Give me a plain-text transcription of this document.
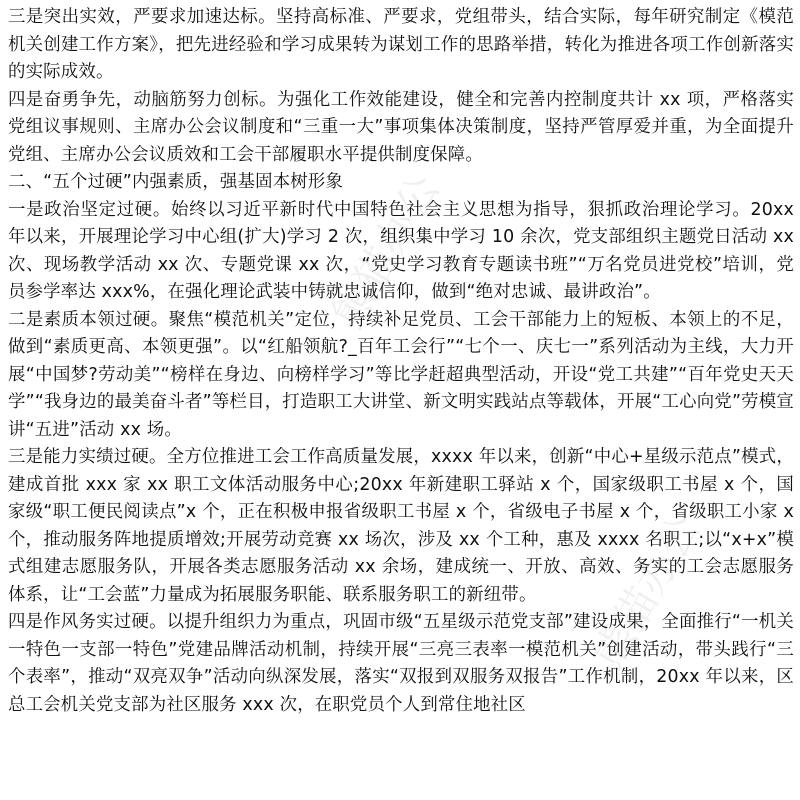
熊猫办公
熊猫办公

三是突出实效，严要求加速达标。坚持高标准、严要求，党组带头，结合实际，每年研究制定《模范机关创建工作方案》，把先进经验和学习成果转为谋划工作的思路举措，转化为推进各项工作创新落实的实际成效。

四是奋勇争先，动脑筋努力创标。为强化工作效能建设，健全和完善内控制度共计 xx 项，严格落实党组议事规则、主席办公会议制度和“三重一大”事项集体决策制度，坚持严管厚爱并重，为全面提升党组、主席办公会议质效和工会干部履职水平提供制度保障。

二、“五个过硬”内强素质，强基固本树形象

一是政治坚定过硬。始终以习近平新时代中国特色社会主义思想为指导，狠抓政治理论学习。20xx 年以来，开展理论学习中心组(扩大)学习 2 次，组织集中学习 10 余次，党支部组织主题党日活动 xx 次、现场教学活动 xx 次、专题党课 xx 次，“党史学习教育专题读书班”“万名党员进党校”培训，党员参学率达 xxx%，在强化理论武装中铸就忠诚信仰，做到“绝对忠诚、最讲政治”。

二是素质本领过硬。聚焦“模范机关”定位，持续补足党员、工会干部能力上的短板、本领上的不足，做到“素质更高、本领更强”。以“红船领航?_百年工会行”“七个一、庆七一”系列活动为主线，大力开展“中国梦?劳动美”“榜样在身边、向榜样学习”等比学赶超典型活动，开设“党工共建”“百年党史天天学”“我身边的最美奋斗者”等栏目，打造职工大讲堂、新文明实践站点等载体，开展“工心向党”劳模宣讲“五进”活动 xx 场。

三是能力实绩过硬。全方位推进工会工作高质量发展，xxxx 年以来，创新“中心+星级示范点”模式，建成首批 xxx 家 xx 职工文体活动服务中心;20xx 年新建职工驿站 x 个，国家级职工书屋 x 个，国家级“职工便民阅读点”x 个，正在积极申报省级职工书屋 x 个，省级电子书屋 x 个，省级职工小家 x 个，推动服务阵地提质增效;开展劳动竞赛 xx 场次，涉及 xx 个工种，惠及 xxxx 名职工;以“x+x”模式组建志愿服务队，开展各类志愿服务活动 xx 余场，建成统一、开放、高效、务实的工会志愿服务体系，让“工会蓝”力量成为拓展服务职能、联系服务职工的新纽带。

四是作风务实过硬。以提升组织力为重点，巩固市级“五星级示范党支部”建设成果，全面推行“一机关一特色一支部一特色”党建品牌活动机制，持续开展“三亮三表率一模范机关”创建活动，带头践行“三个表率”，推动“双亮双争”活动向纵深发展，落实“双报到双服务双报告”工作机制，20xx 年以来，区总工会机关党支部为社区服务 xxx 次，在职党员个人到常住地社区
